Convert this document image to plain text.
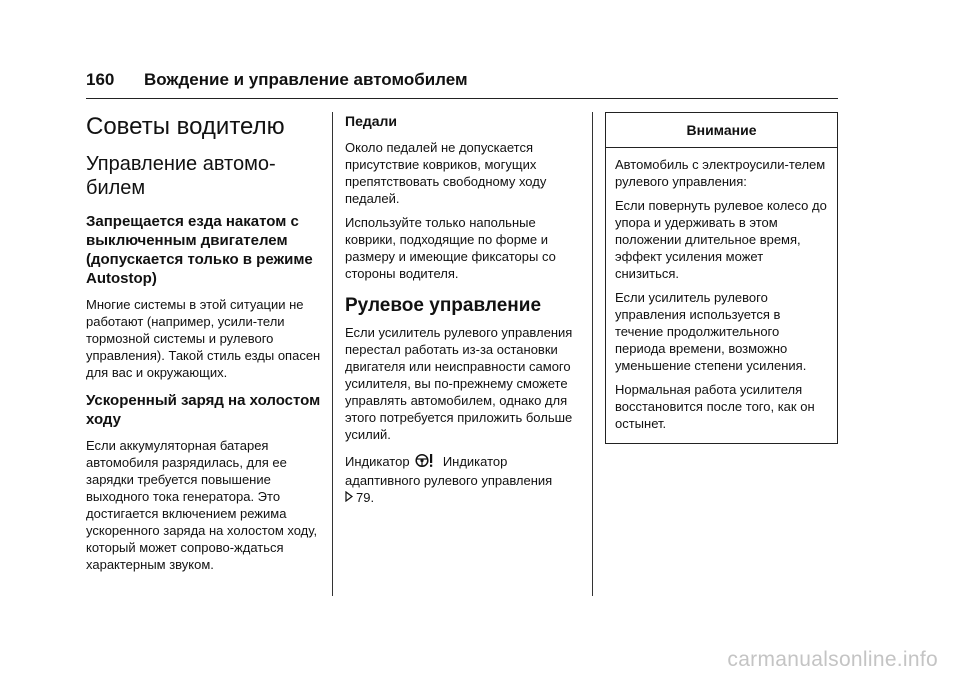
160 Вождение и управление автомобилем
Советы водителю
Управление автомо-
билем
Запрещается езда накатом с выключенным двигателем (допускается только в режиме Autostop)

Многие системы в этой ситуации не работают (например, усили-тели тормозной системы и рулевого управления). Такой стиль езды опасен для вас и окружающих.

Ускоренный заряд на холостом ходу

Если аккумуляторная батарея автомобиля разрядилась, для ее зарядки требуется повышение выходного тока генератора. Это достигается включением режима ускоренного заряда на холостом ходу, который может сопрово-ждаться характерным звуком.

Педали

Около педалей не допускается присутствие ковриков, могущих препятствовать свободному ходу педалей.

Используйте только напольные коврики, подходящие по форме и размеру и имеющие фиксаторы со стороны водителя.

Рулевое управление

Если усилитель рулевого управления перестал работать из-за остановки двигателя или неисправности самого усилителя, вы по-прежнему сможете управлять автомобилем, однако для этого потребуется приложить больше усилий.

Индикатор	Индикатор
адаптивного рулевого управления
79.

Внимание

Автомобиль с электроусили-телем рулевого управления:

Если повернуть рулевое колесо до упора и удерживать в этом положении длительное время, эффект усиления может снизиться.

Если усилитель рулевого управления используется в течение продолжительного периода времени, возможно уменьшение степени усиления.

Нормальная работа усилителя восстановится после того, как он остынет.

carmanualsonline.info
